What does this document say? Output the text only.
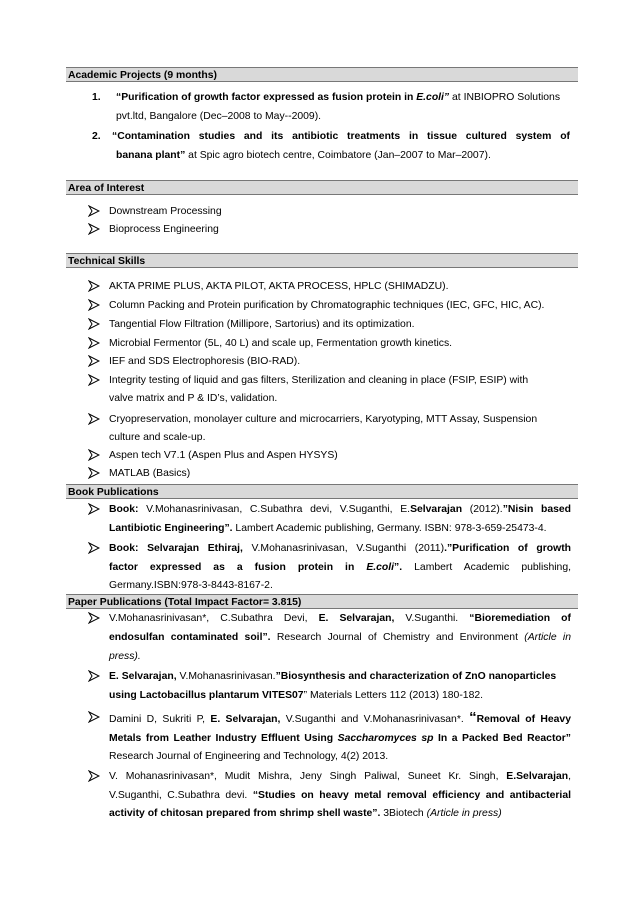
Academic Projects (9 months)
1. “Purification of growth factor expressed as fusion protein in E.coli” at INBIOPRO Solutions
pvt.ltd, Bangalore (Dec–2008 to May--2009).
2. “Contamination studies and its antibiotic treatments in tissue cultured system of
banana plant” at Spic agro biotech centre, Coimbatore (Jan–2007 to Mar–2007).
Area of Interest
Downstream Processing
Bioprocess Engineering
Technical Skills
AKTA PRIME PLUS, AKTA PILOT, AKTA PROCESS, HPLC (SHIMADZU).
Column Packing and Protein purification by Chromatographic techniques (IEC, GFC, HIC, AC).
Tangential Flow Filtration (Millipore, Sartorius) and its optimization.
Microbial Fermentor (5L, 40 L) and scale up, Fermentation growth kinetics.
IEF and SDS Electrophoresis (BIO-RAD).
Integrity testing of liquid and gas filters, Sterilization and cleaning in place (FSIP, ESIP) with
valve matrix and P & ID’s, validation.
Cryopreservation, monolayer culture and microcarriers, Karyotyping, MTT Assay, Suspension
culture and scale-up.
Aspen tech V7.1 (Aspen Plus and Aspen HYSYS)
MATLAB (Basics)
Book Publications
Book: V.Mohanasrinivasan, C.Subathra devi, V.Suganthi, E.Selvarajan (2012).”Nisin based
Lantibiotic Engineering”. Lambert Academic publishing, Germany. ISBN: 978-3-659-25473-4.
Book: Selvarajan Ethiraj, V.Mohanasrinivasan, V.Suganthi (2011).”Purification of growth
factor expressed as a fusion protein in E.coli”. Lambert Academic publishing,
Germany.ISBN:978-3-8443-8167-2.
Paper Publications (Total Impact Factor= 3.815)
V.Mohanasrinivasan*, C.Subathra Devi, E. Selvarajan, V.Suganthi. “Bioremediation of
endosulfan contaminated soil”. Research Journal of Chemistry and Environment (Article in
press).
E. Selvarajan, V.Mohanasrinivasan.”Biosynthesis and characterization of ZnO nanoparticles
using Lactobacillus plantarum VITES07” Materials Letters 112 (2013) 180-182.
Damini D, Sukriti P, E. Selvarajan, V.Suganthi and V.Mohanasrinivasan*. “Removal of Heavy
Metals from Leather Industry Effluent Using Saccharomyces sp In a Packed Bed Reactor”
Research Journal of Engineering and Technology, 4(2) 2013.
V. Mohanasrinivasan*, Mudit Mishra, Jeny Singh Paliwal, Suneet Kr. Singh, E.Selvarajan,
V.Suganthi, C.Subathra devi. “Studies on heavy metal removal efficiency and antibacterial
activity of chitosan prepared from shrimp shell waste”. 3Biotech (Article in press)
